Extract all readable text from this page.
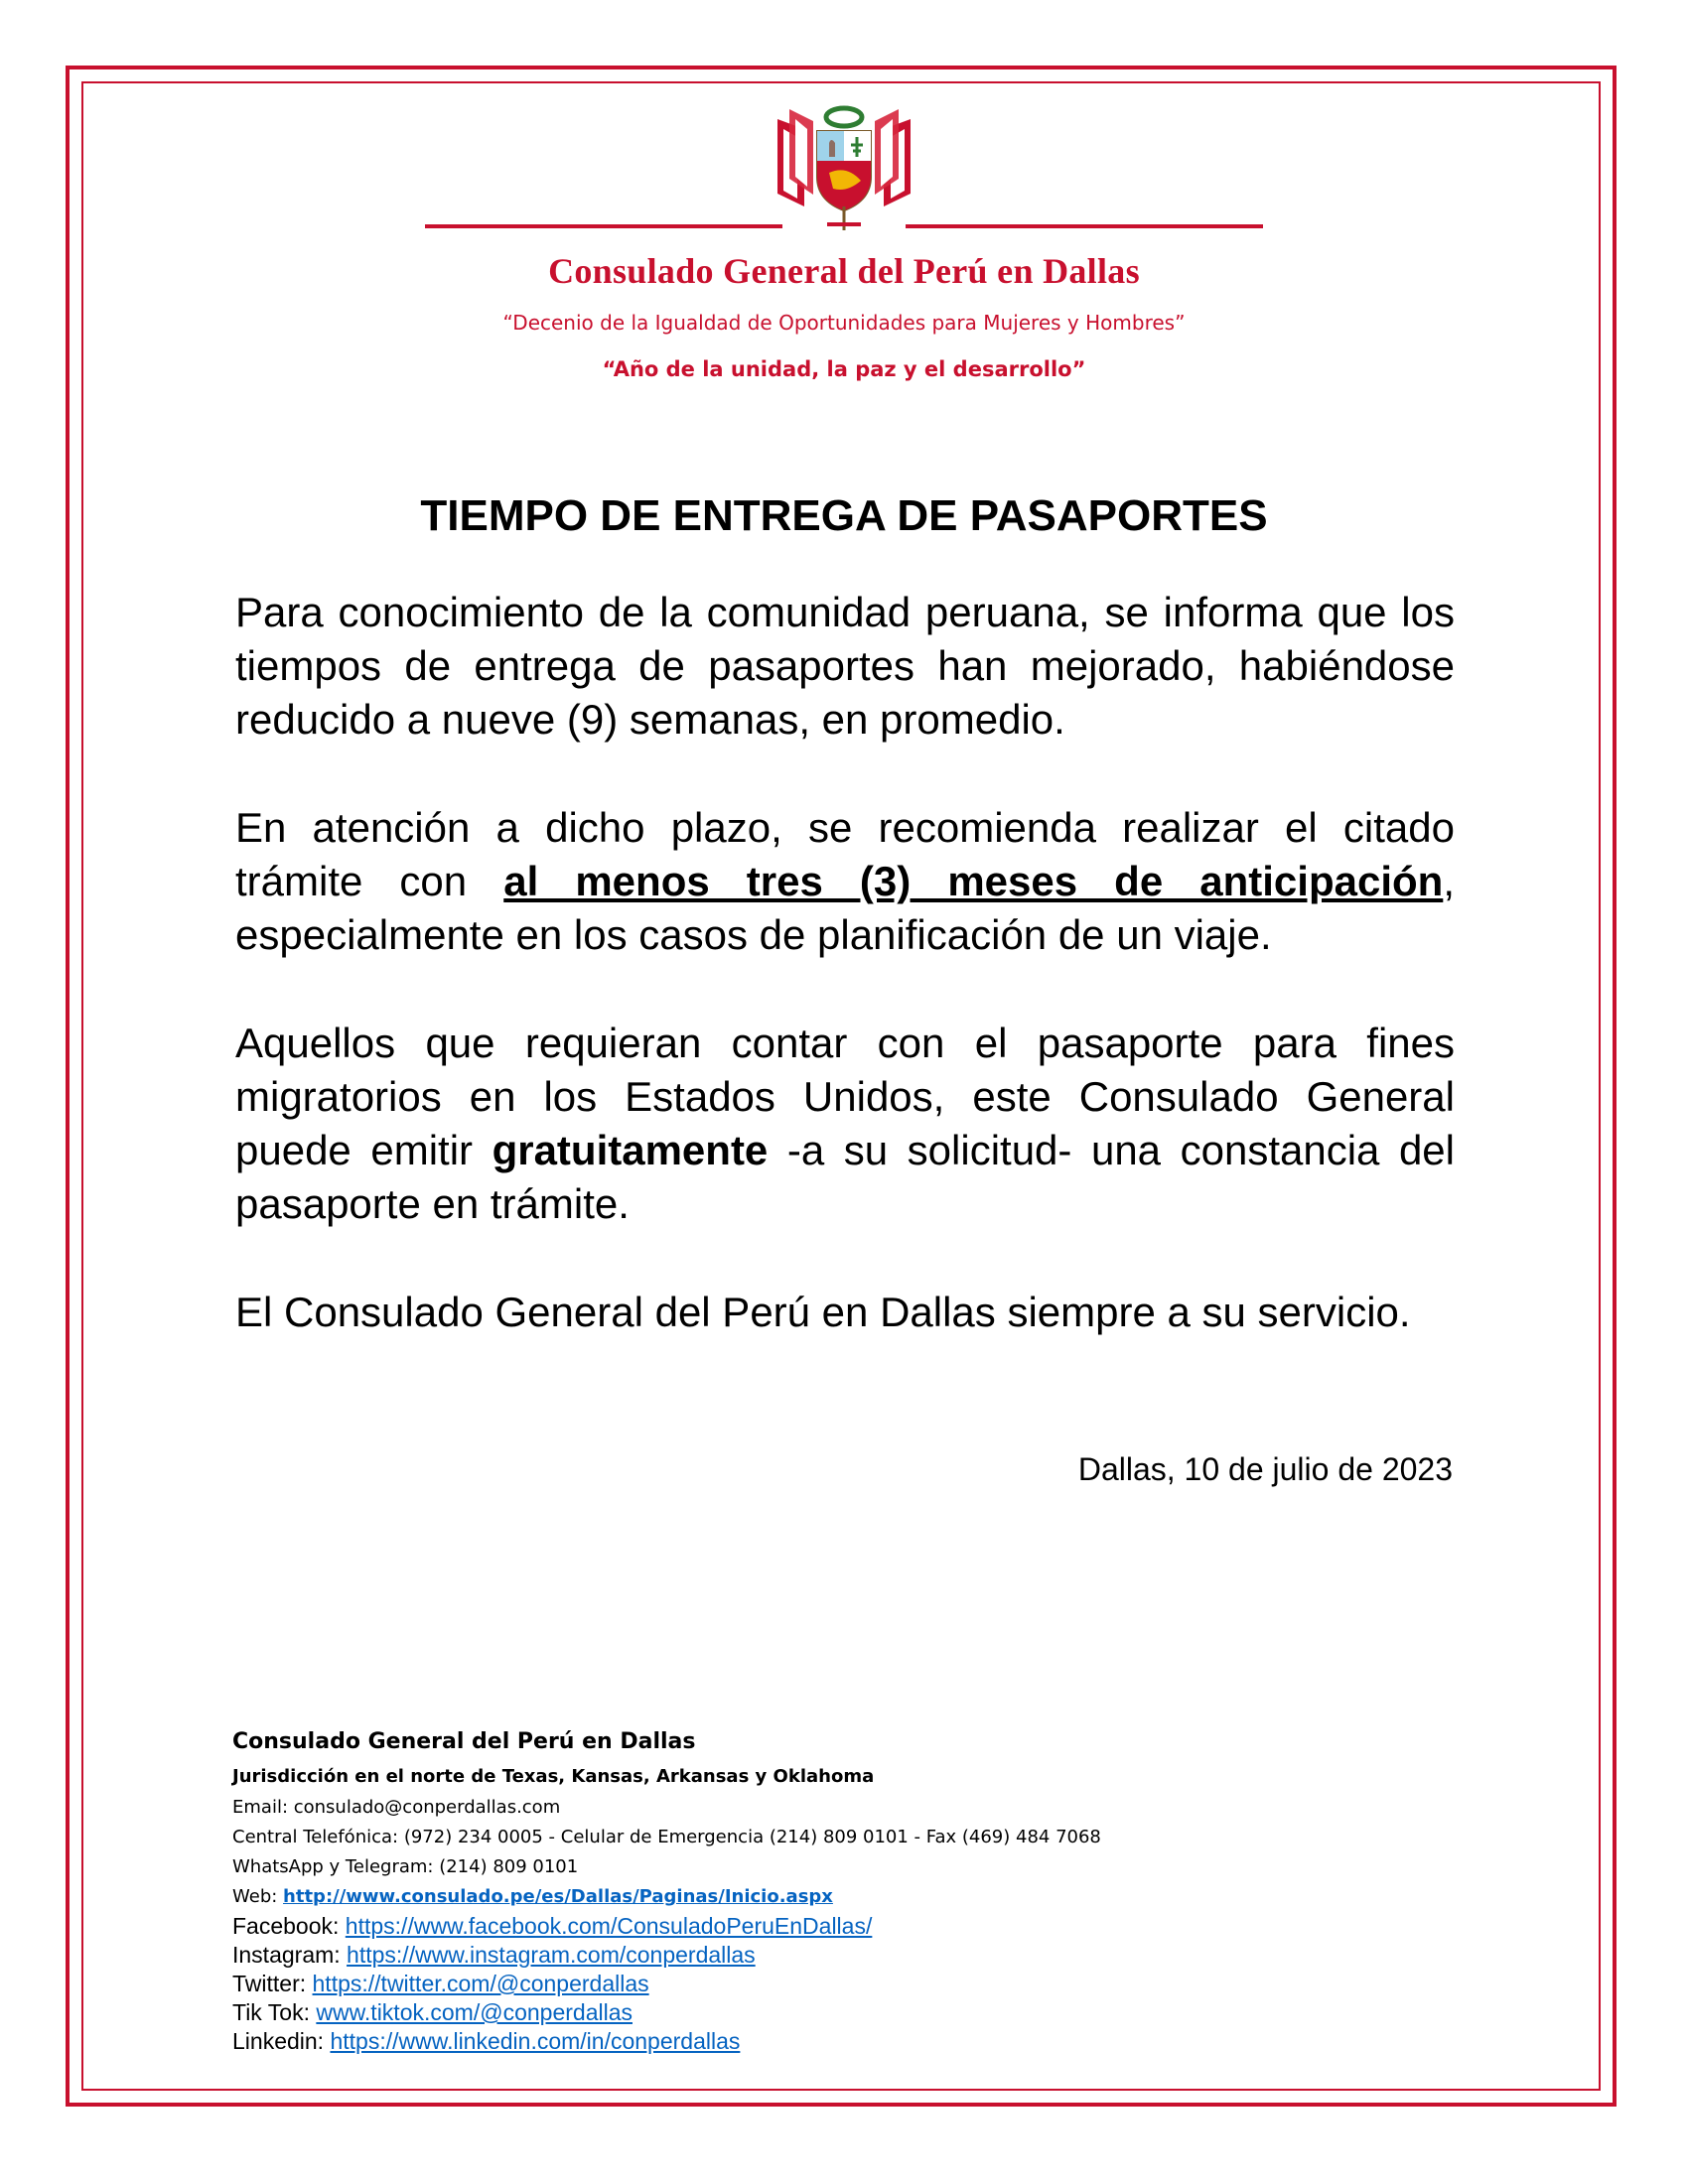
Consulado General del Perú en Dallas
“Decenio de la Igualdad de Oportunidades para Mujeres y Hombres”
“Año de la unidad, la paz y el desarrollo”
TIEMPO DE ENTREGA DE PASAPORTES
Para conocimiento de la comunidad peruana, se informa que los tiempos de entrega de pasaportes han mejorado, habiéndose reducido a nueve (9) semanas, en promedio.
En atención a dicho plazo, se recomienda realizar el citado trámite con al menos tres (3) meses de anticipación, especialmente en los casos de planificación de un viaje.
Aquellos que requieran contar con el pasaporte para fines migratorios en los Estados Unidos, este Consulado General puede emitir gratuitamente -a su solicitud- una constancia del pasaporte en trámite.
El Consulado General del Perú en Dallas siempre a su servicio.
Dallas, 10 de julio de 2023
Consulado General del Perú en Dallas
Jurisdicción en el norte de Texas, Kansas, Arkansas y Oklahoma
Email: consulado@conperdallas.com
Central Telefónica: (972) 234 0005 - Celular de Emergencia (214) 809 0101 - Fax (469) 484 7068
WhatsApp y Telegram: (214) 809 0101
Web: http://www.consulado.pe/es/Dallas/Paginas/Inicio.aspx
Facebook: https://www.facebook.com/ConsuladoPeruEnDallas/
Instagram: https://www.instagram.com/conperdallas
Twitter: https://twitter.com/@conperdallas
Tik Tok: www.tiktok.com/@conperdallas
Linkedin: https://www.linkedin.com/in/conperdallas
